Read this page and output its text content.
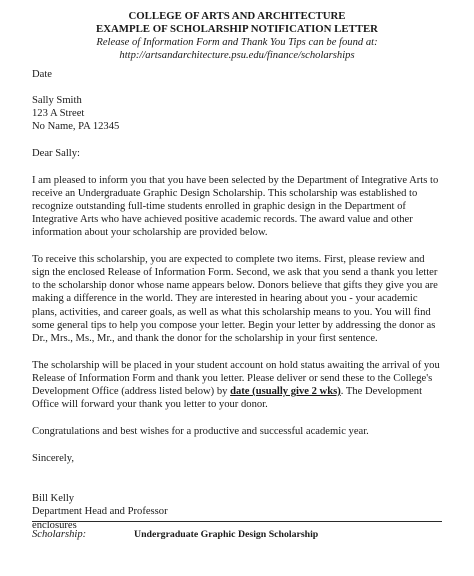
COLLEGE OF ARTS AND ARCHITECTURE
EXAMPLE OF SCHOLARSHIP NOTIFICATION LETTER
Release of Information Form and Thank You Tips can be found at:
http://artsandarchitecture.psu.edu/finance/scholarships

Date

Sally Smith

123 A Street

No Name, PA 12345

Dear Sally:

I am pleased to inform you that you have been selected by the Department of Integrative Arts to receive an Undergraduate Graphic Design Scholarship. This scholarship was established to recognize outstanding full-time students enrolled in graphic design in the Department of Integrative Arts who have achieved positive academic records. The award value and other information about your scholarship are provided below.

To receive this scholarship, you are expected to complete two items. First, please review and sign the enclosed Release of Information Form. Second, we ask that you send a thank you letter to the scholarship donor whose name appears below. Donors believe that gifts they give you are making a difference in the world. They are interested in hearing about you - your academic plans, activities, and career goals, as well as what this scholarship means to you. You will find some general tips to help you compose your letter. Begin your letter by addressing the donor as Dr., Mrs., Ms., Mr., and thank the donor for the scholarship in your first sentence.

The scholarship will be placed in your student account on hold status awaiting the arrival of you Release of Information Form and thank you letter. Please deliver or send these to the College's Development Office (address listed below) by date (usually give 2 wks). The Development Office will forward your thank you letter to your donor.

Congratulations and best wishes for a productive and successful academic year.

Sincerely,

Bill Kelly

Department Head and Professor

enclosures

Scholarship:	Undergraduate Graphic Design Scholarship
